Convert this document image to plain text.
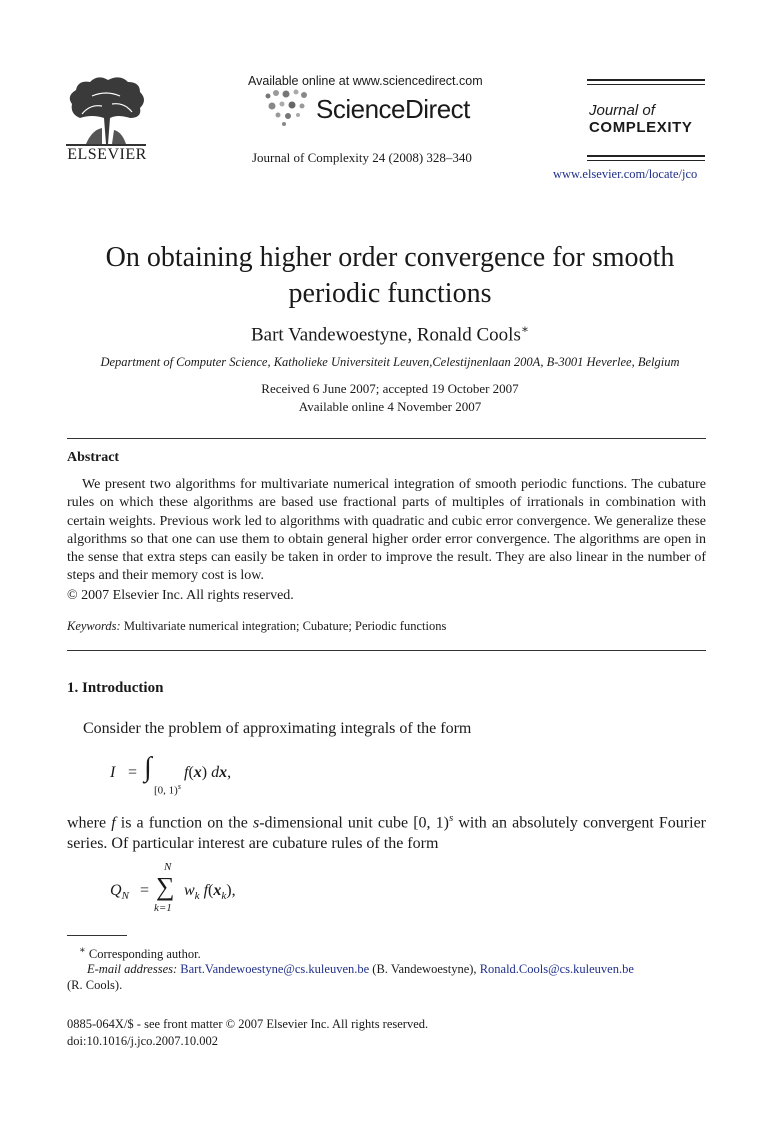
ELSEVIER
Available online at www.sciencedirect.com
ScienceDirect
Journal of Complexity 24 (2008) 328–340
Journal of
COMPLEXITY
www.elsevier.com/locate/jco
On obtaining higher order convergence for smooth
periodic functions
Bart Vandewoestyne, Ronald Cools∗
Department of Computer Science, Katholieke Universiteit Leuven,Celestijnenlaan 200A, B-3001 Heverlee, Belgium
Received 6 June 2007; accepted 19 October 2007
Available online 4 November 2007
Abstract
We present two algorithms for multivariate numerical integration of smooth periodic functions. The cubature rules on which these algorithms are based use fractional parts of multiples of irrationals in combination with certain weights. Previous work led to algorithms with quadratic and cubic error convergence. We generalize these algorithms so that one can use them to obtain general higher order error convergence. The algorithms are open in the sense that extra steps can easily be taken in order to improve the result. They are also linear in the number of steps and their memory cost is low.
© 2007 Elsevier Inc. All rights reserved.
Keywords: Multivariate numerical integration; Cubature; Periodic functions
1. Introduction
Consider the problem of approximating integrals of the form
I = ∫
[0, 1)$^s$
f(x) dx,
where f is a function on the s-dimensional unit cube [0, 1)$^s$ with an absolutely convergent Fourier series. Of particular interest are cubature rules of the form
$Q_N$ =
N
∑
k=1
$w_k$ $f(x_k)$,
∗ Corresponding author.
E-mail addresses: Bart.Vandewoestyne@cs.kuleuven.be (B. Vandewoestyne), Ronald.Cools@cs.kuleuven.be
(R. Cools).
0885-064X/$ - see front matter © 2007 Elsevier Inc. All rights reserved.
doi:10.1016/j.jco.2007.10.002
